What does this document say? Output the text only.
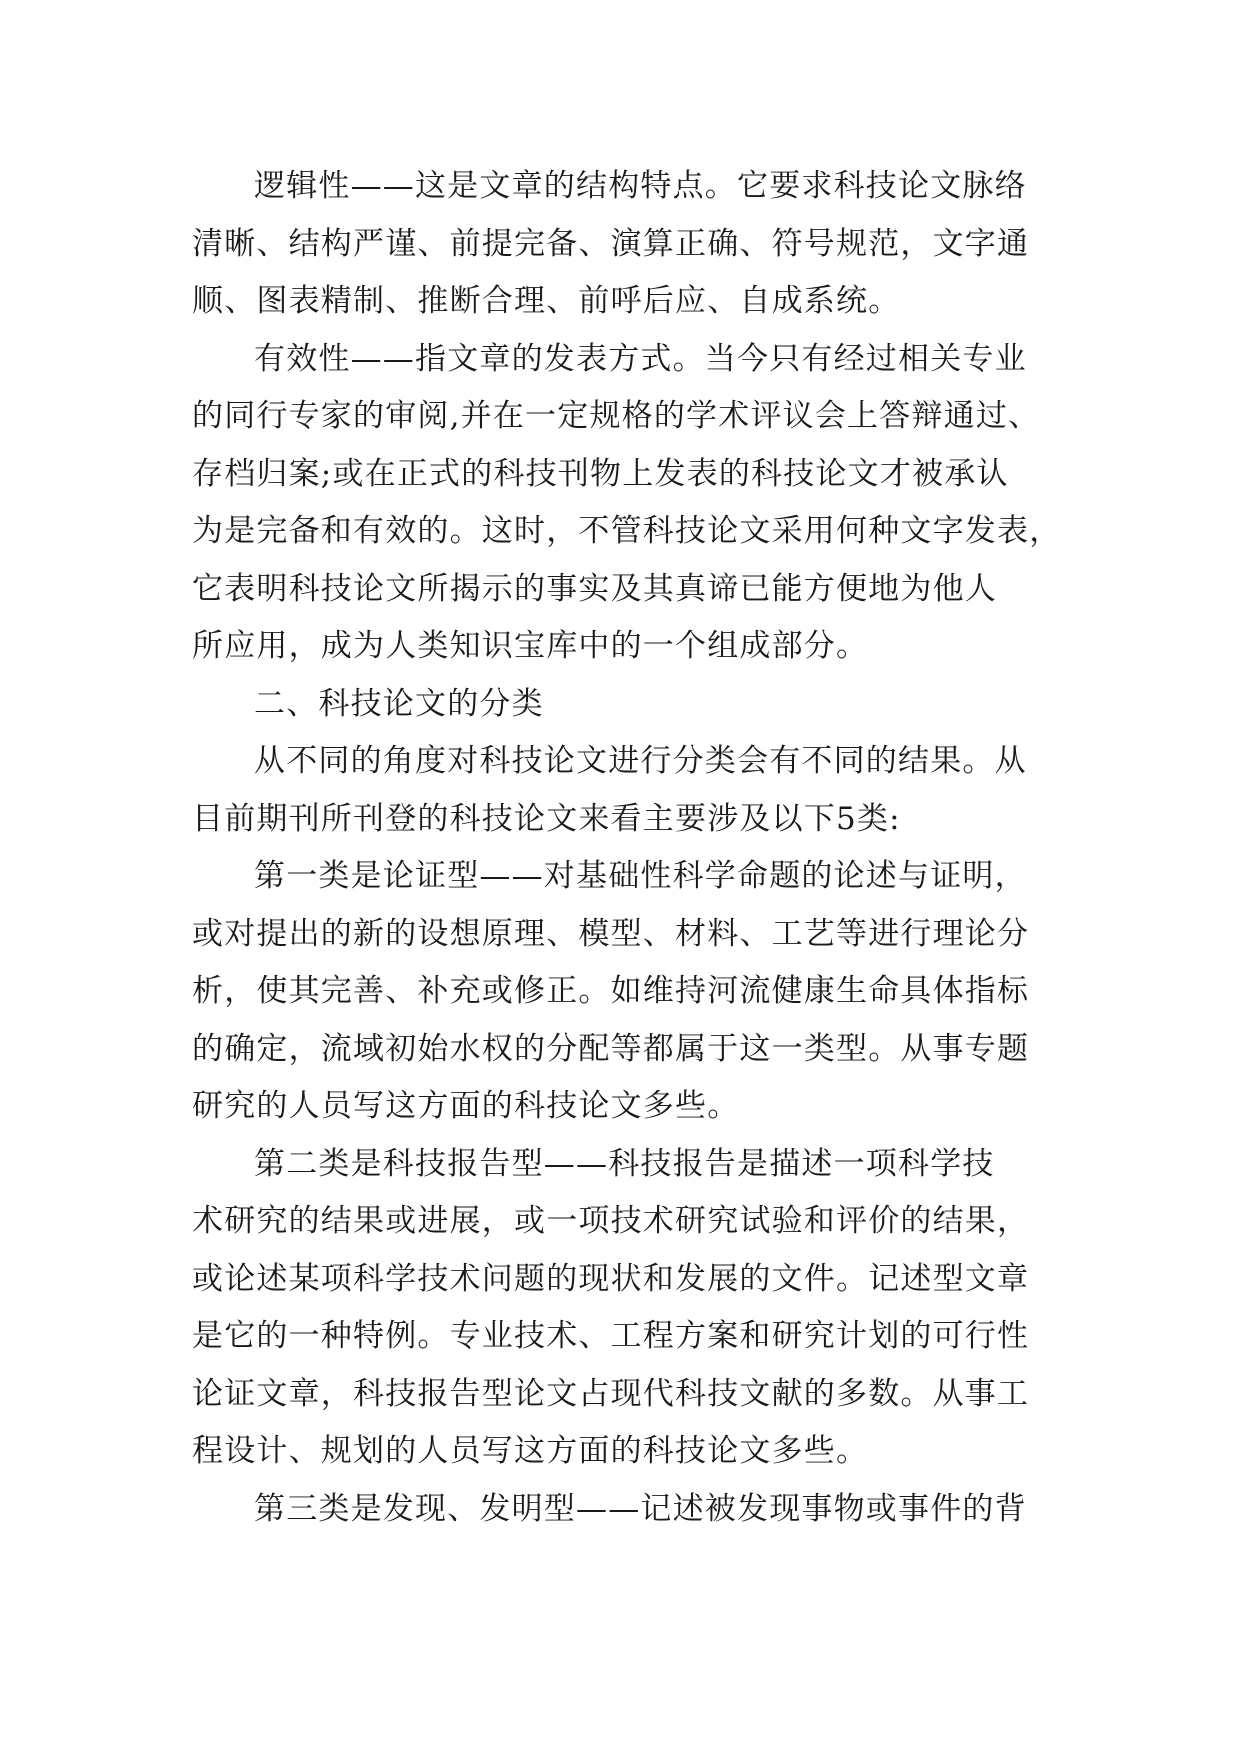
逻辑性——这是文章的结构特点。它要求科技论文脉络
清晰、结构严谨、前提完备、演算正确、符号规范，文字通
顺、图表精制、推断合理、前呼后应、自成系统。
有效性——指文章的发表方式。当今只有经过相关专业
的同行专家的审阅,并在一定规格的学术评议会上答辩通过、
存档归案;或在正式的科技刊物上发表的科技论文才被承认
为是完备和有效的。这时，不管科技论文采用何种文字发表，
它表明科技论文所揭示的事实及其真谛已能方便地为他人
所应用，成为人类知识宝库中的一个组成部分。
二、科技论文的分类
从不同的角度对科技论文进行分类会有不同的结果。从
目前期刊所刊登的科技论文来看主要涉及以下5类:
第一类是论证型——对基础性科学命题的论述与证明，
或对提出的新的设想原理、模型、材料、工艺等进行理论分
析，使其完善、补充或修正。如维持河流健康生命具体指标
的确定，流域初始水权的分配等都属于这一类型。从事专题
研究的人员写这方面的科技论文多些。
第二类是科技报告型——科技报告是描述一项科学技
术研究的结果或进展，或一项技术研究试验和评价的结果，
或论述某项科学技术问题的现状和发展的文件。记述型文章
是它的一种特例。专业技术、工程方案和研究计划的可行性
论证文章，科技报告型论文占现代科技文献的多数。从事工
程设计、规划的人员写这方面的科技论文多些。
第三类是发现、发明型——记述被发现事物或事件的背
